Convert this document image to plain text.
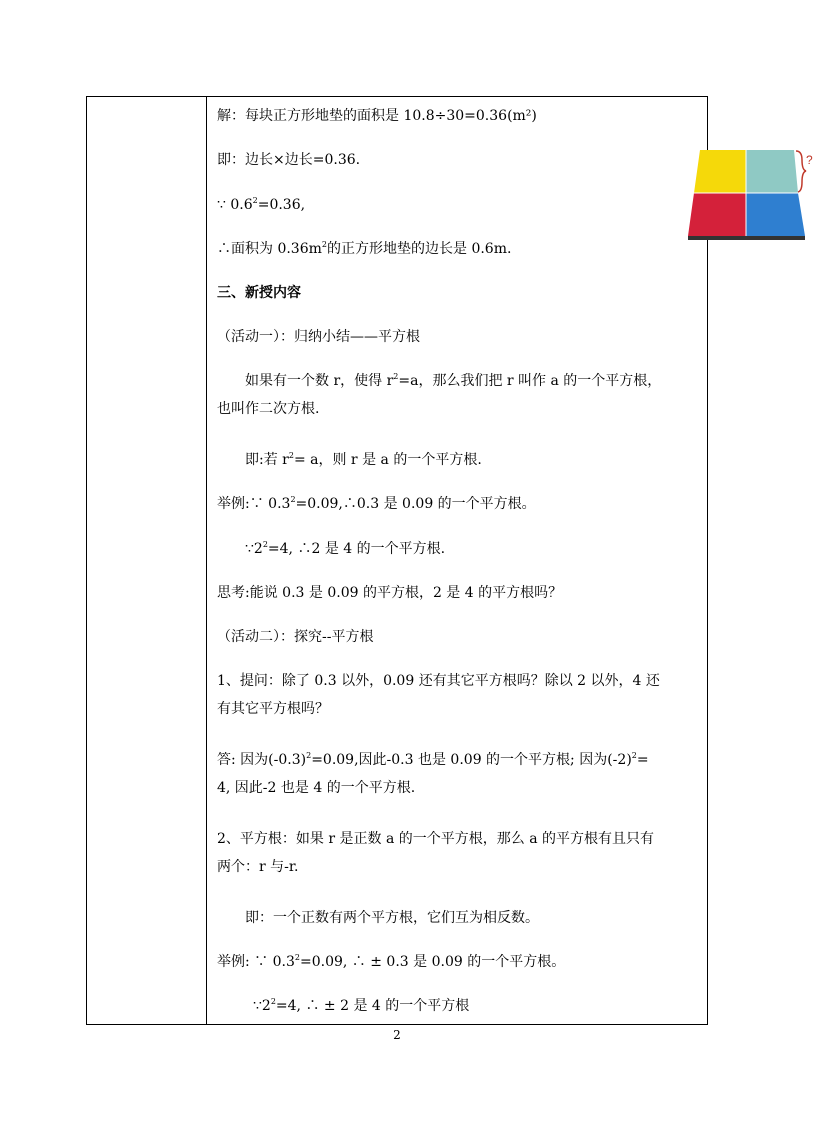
解：每块正方形地垫的面积是 10.8÷30=0.36(m²)
即：边长×边长=0.36.
∵ $0.6^2=0.36$,
∴面积为 $0.36m^2$的正方形地垫的边长是 0.6m.
?
三、新授内容
（活动一）：归纳小结——平方根
如果有一个数 r，使得 $r^2=a$，那么我们把 r 叫作 a 的一个平方根，
也叫作二次方根.
即:若 $r^2= a$，则 r 是 a 的一个平方根.
举例:∵ $0.3^2=0.09,\therefore 0.3$ 是 0.09 的一个平方根。
$\because 2^2=4$, ∴2 是 4 的一个平方根.
思考:能说 0.3 是 0.09 的平方根，2 是 4 的平方根吗？
（活动二）：探究--平方根
1、提问：除了 0.3 以外，0.09 还有其它平方根吗？除以 2 以外，4 还
有其它平方根吗？
答: 因为$(-0.3)^2=0.09$,因此-0.3 也是 0.09 的一个平方根; 因为$(-2)^2=$
4, 因此-2 也是 4 的一个平方根.
2、平方根：如果 r 是正数 a 的一个平方根，那么 a 的平方根有且只有
两个：r 与-r.
即：一个正数有两个平方根，它们互为相反数。
举例: ∵ $0.3^2=0.09$, ∴ ± 0.3 是 0.09 的一个平方根。
$\because 2^2=4$, ∴ ± 2 是 4 的一个平方根
2
